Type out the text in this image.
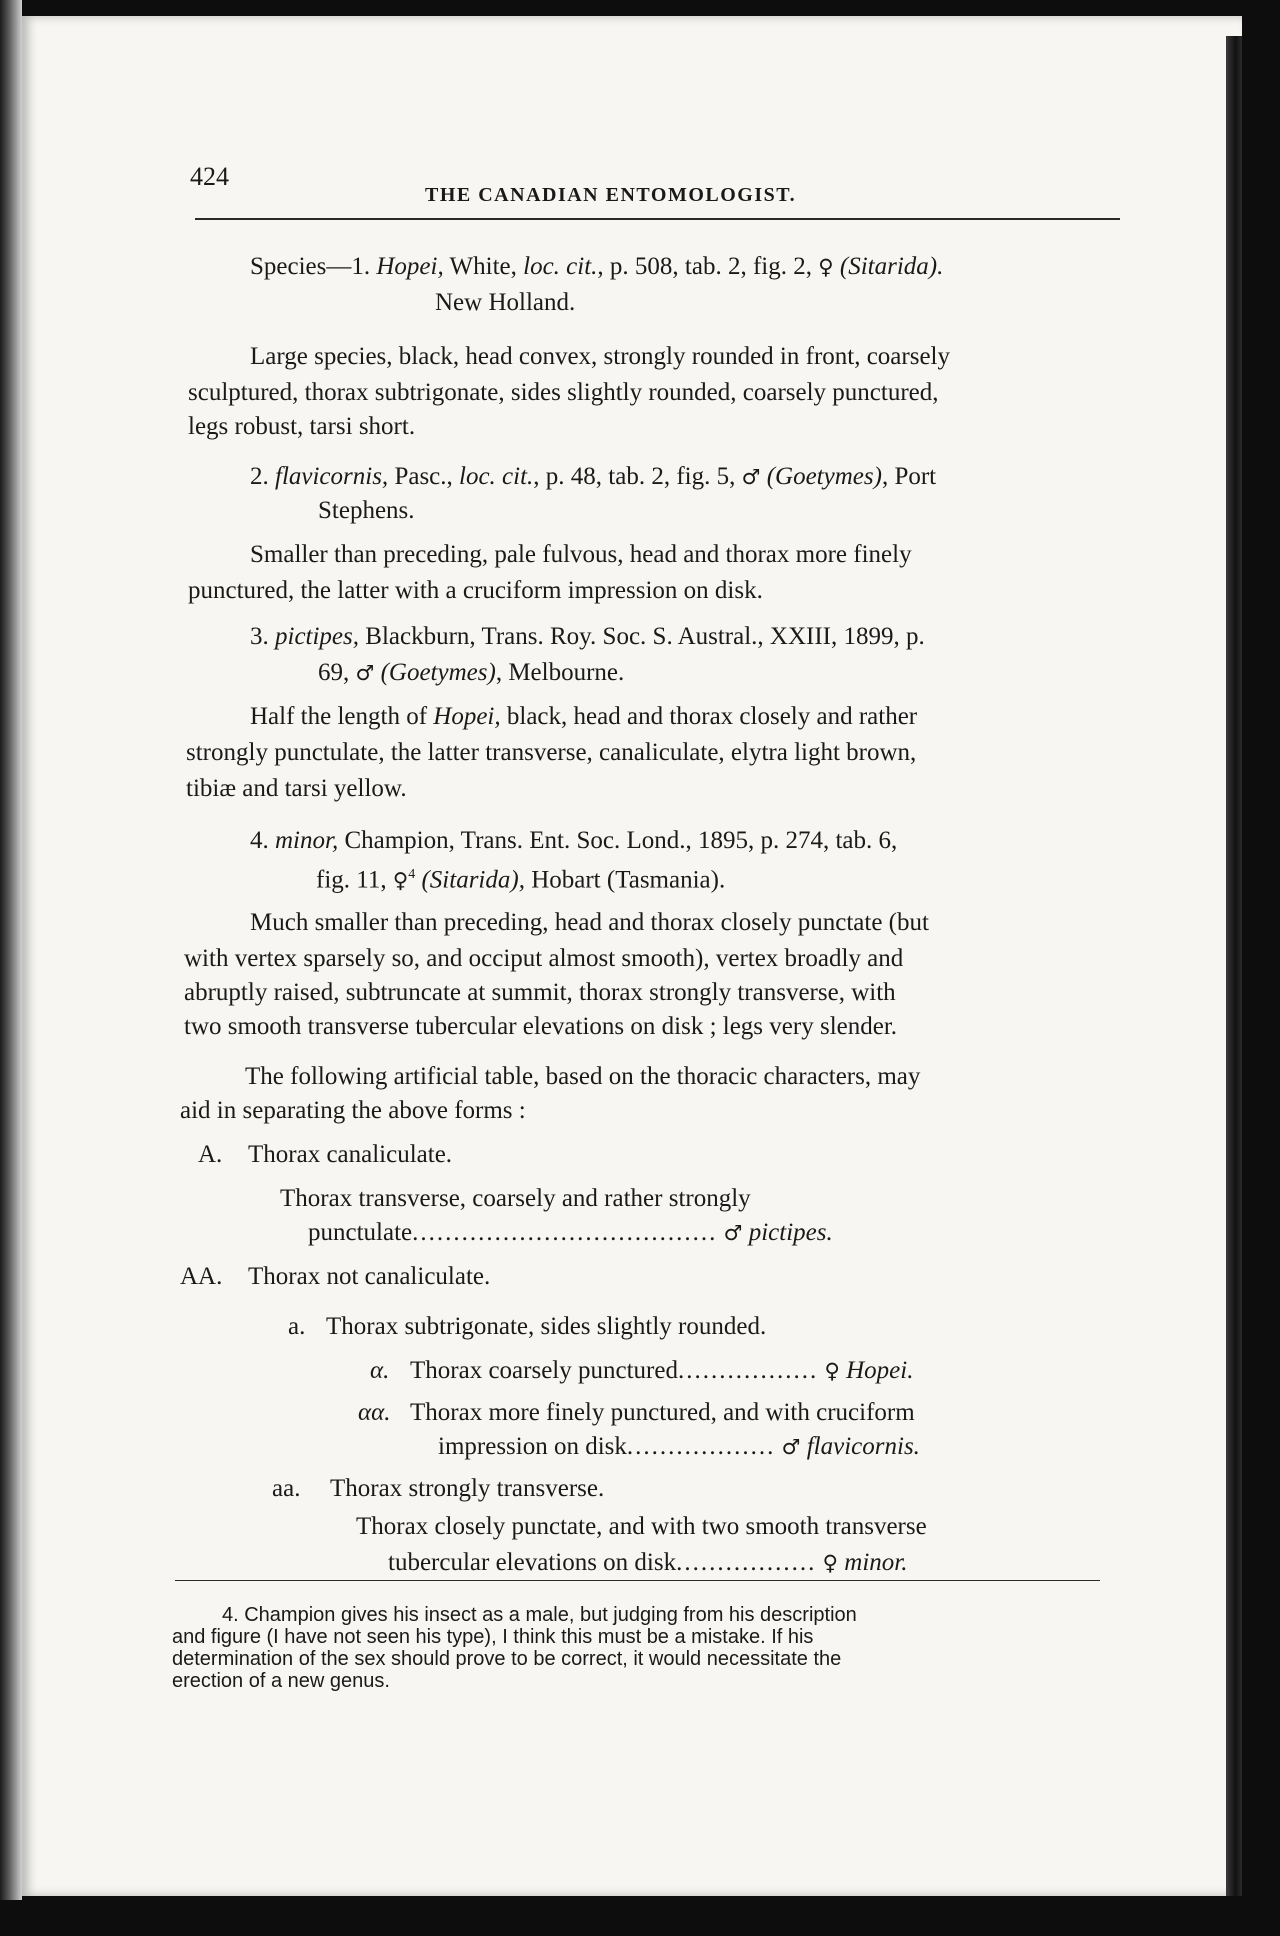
424
THE CANADIAN ENTOMOLOGIST.
Species—1. Hopei, White, loc. cit., p. 508, tab. 2, fig. 2, ♀ (Sitarida).
New Holland.
Large species, black, head convex, strongly rounded in front, coarsely
sculptured, thorax subtrigonate, sides slightly rounded, coarsely punctured,
legs robust, tarsi short.
2. flavicornis, Pasc., loc. cit., p. 48, tab. 2, fig. 5, ♂ (Goetymes), Port
Stephens.
Smaller than preceding, pale fulvous, head and thorax more finely
punctured, the latter with a cruciform impression on disk.
3. pictipes, Blackburn, Trans. Roy. Soc. S. Austral., XXIII, 1899, p.
69, ♂ (Goetymes), Melbourne.
Half the length of Hopei, black, head and thorax closely and rather
strongly punctulate, the latter transverse, canaliculate, elytra light brown,
tibiæ and tarsi yellow.
4. minor, Champion, Trans. Ent. Soc. Lond., 1895, p. 274, tab. 6,
fig. 11, ♀$^4$ (Sitarida), Hobart (Tasmania).
Much smaller than preceding, head and thorax closely punctate (but
with vertex sparsely so, and occiput almost smooth), vertex broadly and
abruptly raised, subtruncate at summit, thorax strongly transverse, with
two smooth transverse tubercular elevations on disk ; legs very slender.
The following artificial table, based on the thoracic characters, may
aid in separating the above forms :
A. Thorax canaliculate.
Thorax transverse, coarsely and rather strongly
punctulate..................................... ♂ pictipes.
AA. Thorax not canaliculate.
a. Thorax subtrigonate, sides slightly rounded.
α. Thorax coarsely punctured................. ♀ Hopei.
αα. Thorax more finely punctured, and with cruciform
impression on disk.................. ♂ flavicornis.
aa. Thorax strongly transverse.
Thorax closely punctate, and with two smooth transverse
tubercular elevations on disk................. ♀ minor.
4. Champion gives his insect as a male, but judging from his description
and figure (I have not seen his type), I think this must be a mistake. If his
determination of the sex should prove to be correct, it would necessitate the
erection of a new genus.
